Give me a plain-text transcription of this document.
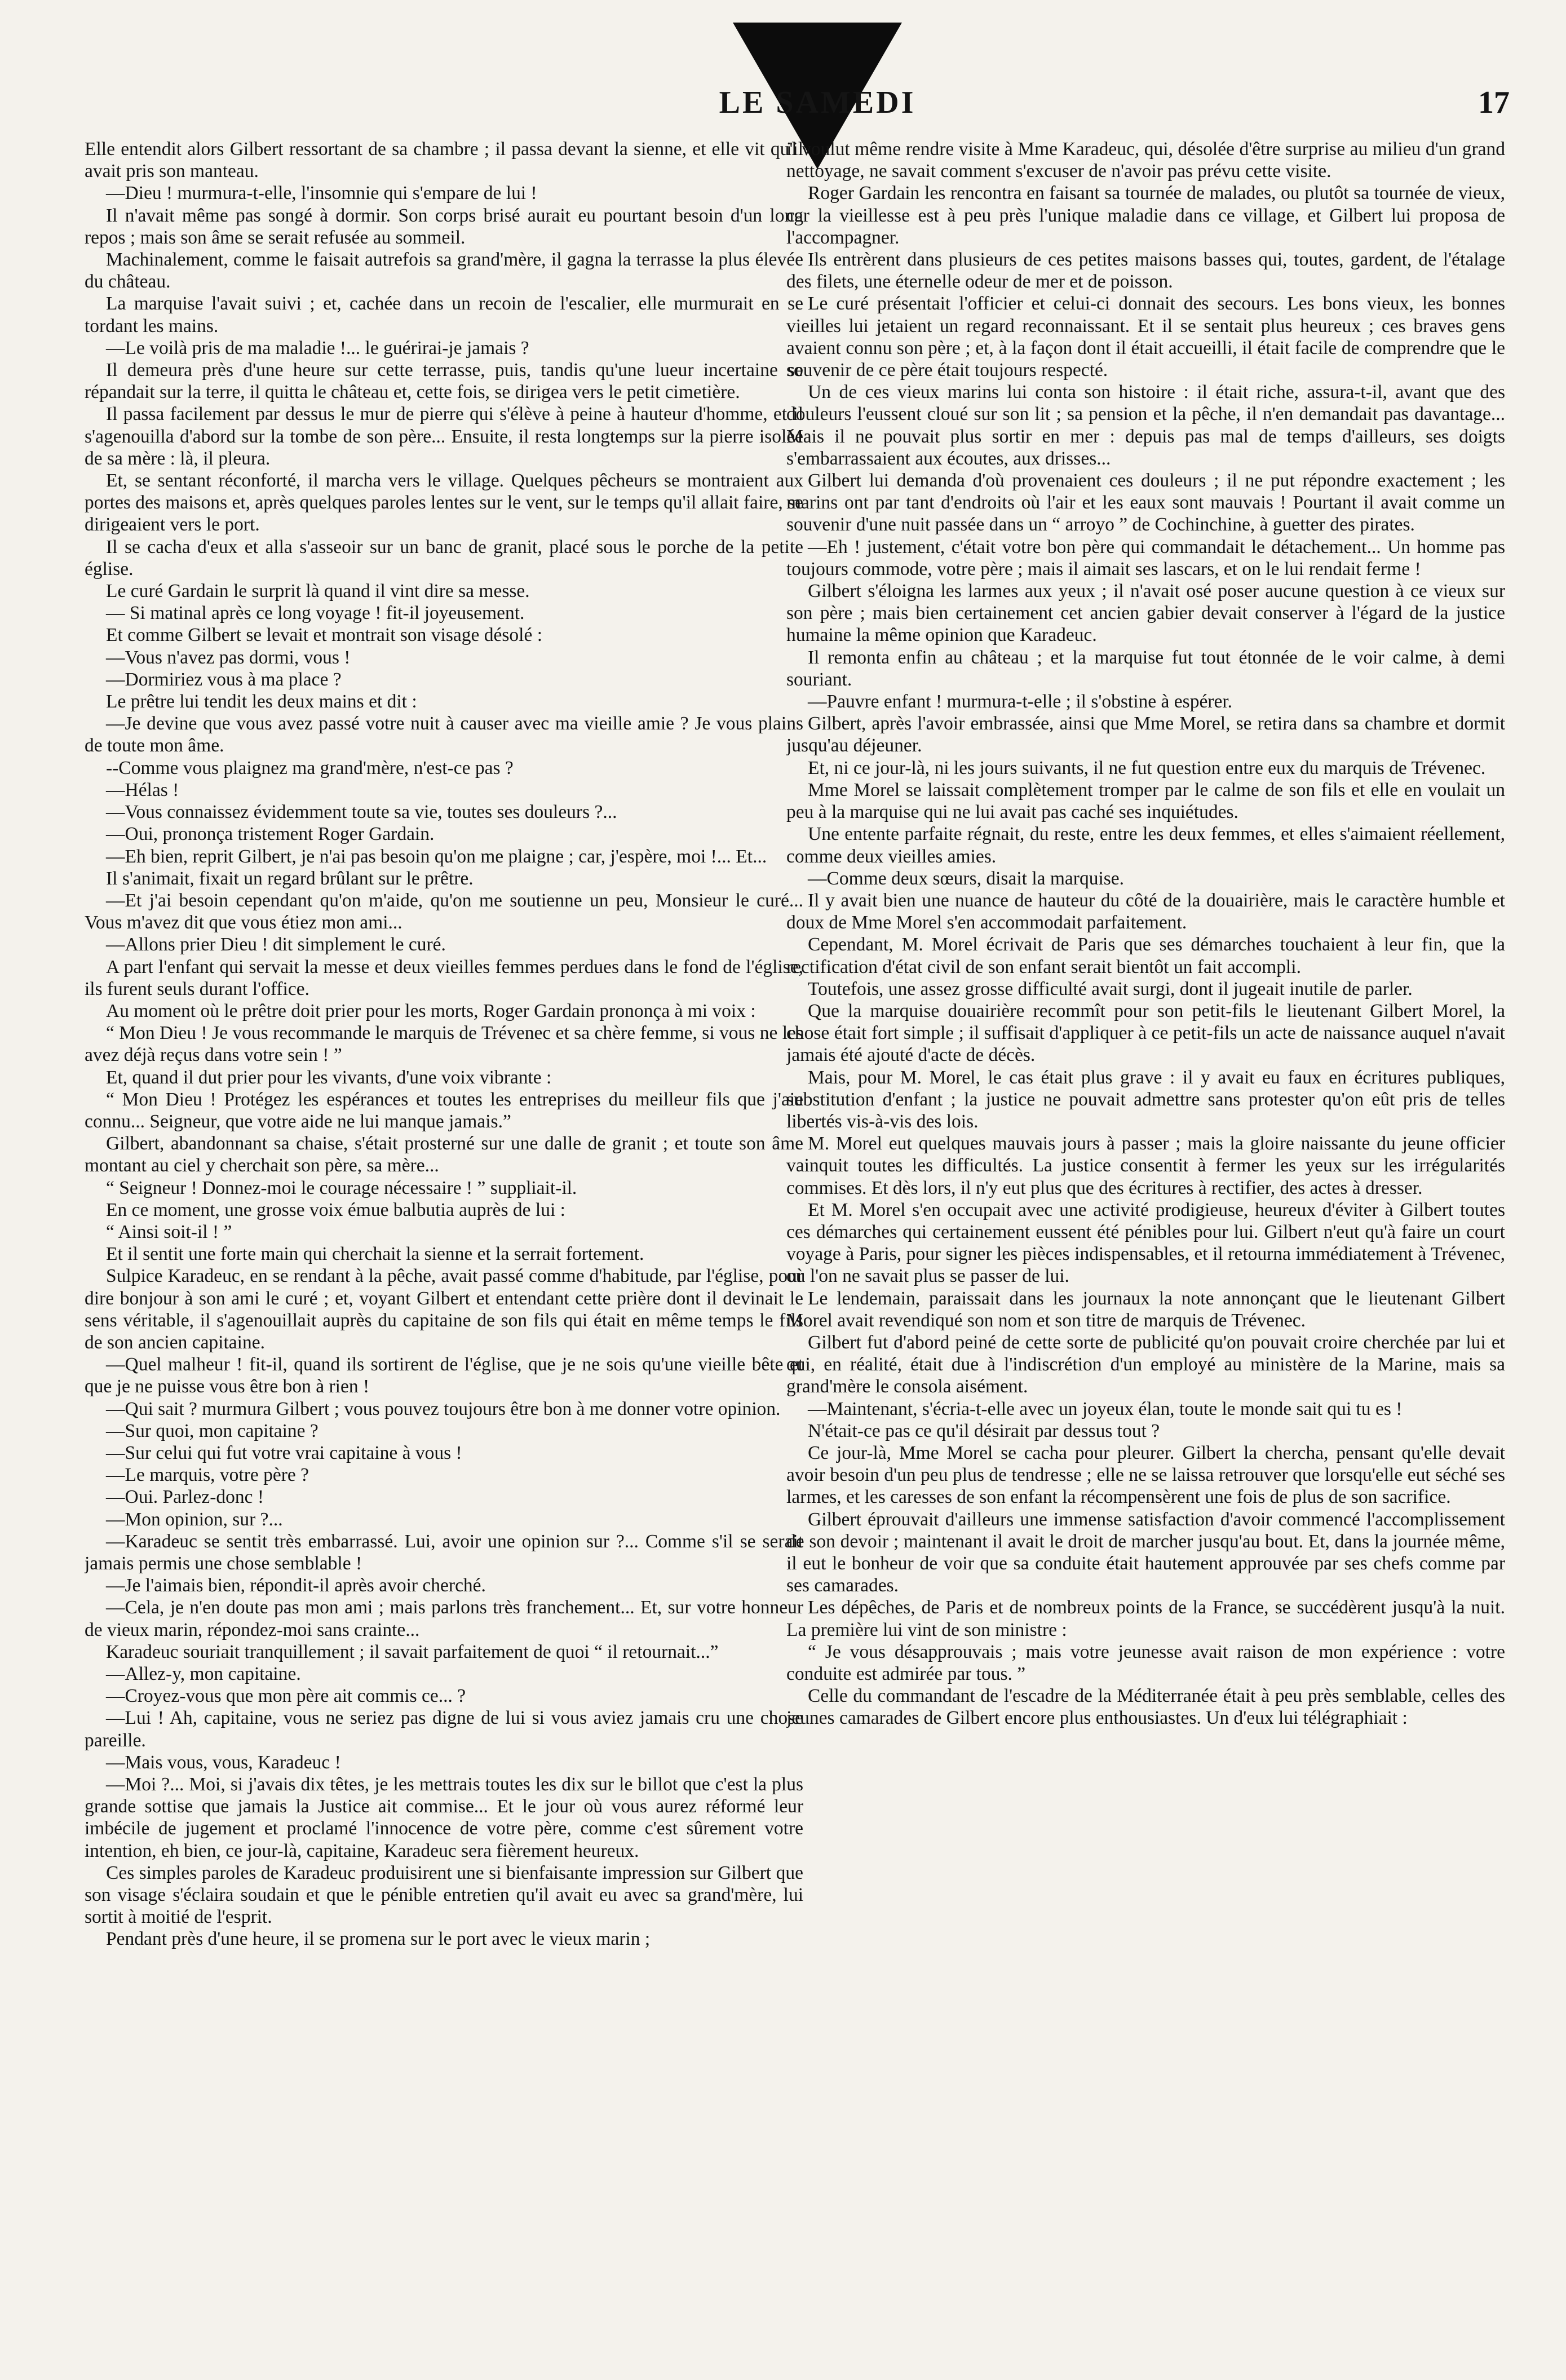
LE SAMEDI	17

Elle entendit alors Gilbert ressortant de sa chambre ; il passa devant la sienne, et elle vit qu'il avait pris son manteau.

—Dieu ! murmura-t-elle, l'insomnie qui s'empare de lui !

Il n'avait même pas songé à dormir. Son corps brisé aurait eu pourtant besoin d'un long repos ; mais son âme se serait refusée au sommeil.

Machinalement, comme le faisait autrefois sa grand'mère, il gagna la terrasse la plus élevée du château.

La marquise l'avait suivi ; et, cachée dans un recoin de l'escalier, elle murmurait en se tordant les mains.

—Le voilà pris de ma maladie !... le guérirai-je jamais ?

Il demeura près d'une heure sur cette terrasse, puis, tandis qu'une lueur incertaine se répandait sur la terre, il quitta le château et, cette fois, se dirigea vers le petit cimetière.

Il passa facilement par dessus le mur de pierre qui s'élève à peine à hauteur d'homme, et il s'agenouilla d'abord sur la tombe de son père... Ensuite, il resta longtemps sur la pierre isolée de sa mère : là, il pleura.

Et, se sentant réconforté, il marcha vers le village. Quelques pêcheurs se montraient aux portes des maisons et, après quelques paroles lentes sur le vent, sur le temps qu'il allait faire, se dirigeaient vers le port.

Il se cacha d'eux et alla s'asseoir sur un banc de granit, placé sous le porche de la petite église.

Le curé Gardain le surprit là quand il vint dire sa messe.

— Si matinal après ce long voyage ! fit-il joyeusement.

Et comme Gilbert se levait et montrait son visage désolé :

—Vous n'avez pas dormi, vous !

—Dormiriez vous à ma place ?

Le prêtre lui tendit les deux mains et dit :

—Je devine que vous avez passé votre nuit à causer avec ma vieille amie ? Je vous plains de toute mon âme.

--Comme vous plaignez ma grand'mère, n'est-ce pas ?

—Hélas !

—Vous connaissez évidemment toute sa vie, toutes ses douleurs ?...

—Oui, prononça tristement Roger Gardain.

—Eh bien, reprit Gilbert, je n'ai pas besoin qu'on me plaigne ; car, j'espère, moi !... Et...

Il s'animait, fixait un regard brûlant sur le prêtre.

—Et j'ai besoin cependant qu'on m'aide, qu'on me soutienne un peu, Monsieur le curé... Vous m'avez dit que vous étiez mon ami...

—Allons prier Dieu ! dit simplement le curé.

A part l'enfant qui servait la messe et deux vieilles femmes perdues dans le fond de l'église, ils furent seuls durant l'office.

Au moment où le prêtre doit prier pour les morts, Roger Gardain prononça à mi voix :

“ Mon Dieu ! Je vous recommande le marquis de Trévenec et sa chère femme, si vous ne les avez déjà reçus dans votre sein ! ”

Et, quand il dut prier pour les vivants, d'une voix vibrante :

“ Mon Dieu ! Protégez les espérances et toutes les entreprises du meilleur fils que j'aie connu... Seigneur, que votre aide ne lui manque jamais.”

Gilbert, abandonnant sa chaise, s'était prosterné sur une dalle de granit ; et toute son âme montant au ciel y cherchait son père, sa mère...

“ Seigneur ! Donnez-moi le courage nécessaire ! ” suppliait-il.

En ce moment, une grosse voix émue balbutia auprès de lui :

“ Ainsi soit-il ! ”

Et il sentit une forte main qui cherchait la sienne et la serrait fortement.

Sulpice Karadeuc, en se rendant à la pêche, avait passé comme d'habitude, par l'église, pour dire bonjour à son ami le curé ; et, voyant Gilbert et entendant cette prière dont il devinait le sens véritable, il s'agenouillait auprès du capitaine de son fils qui était en même temps le fils de son ancien capitaine.

—Quel malheur ! fit-il, quand ils sortirent de l'église, que je ne sois qu'une vieille bête et que je ne puisse vous être bon à rien !

—Qui sait ? murmura Gilbert ; vous pouvez toujours être bon à me donner votre opinion.

—Sur quoi, mon capitaine ?

—Sur celui qui fut votre vrai capitaine à vous !

—Le marquis, votre père ?

—Oui. Parlez-donc !

—Mon opinion, sur ?...

—Karadeuc se sentit très embarrassé. Lui, avoir une opinion sur ?... Comme s'il se serait jamais permis une chose semblable !

—Je l'aimais bien, répondit-il après avoir cherché.

—Cela, je n'en doute pas mon ami ; mais parlons très franchement... Et, sur votre honneur de vieux marin, répondez-moi sans crainte...

Karadeuc souriait tranquillement ; il savait parfaitement de quoi “ il retournait...”

—Allez-y, mon capitaine.

—Croyez-vous que mon père ait commis ce... ?

—Lui ! Ah, capitaine, vous ne seriez pas digne de lui si vous aviez jamais cru une chose pareille.

—Mais vous, vous, Karadeuc !

—Moi ?... Moi, si j'avais dix têtes, je les mettrais toutes les dix sur le billot que c'est la plus grande sottise que jamais la Justice ait commise... Et le jour où vous aurez réformé leur imbécile de jugement et proclamé l'innocence de votre père, comme c'est sûrement votre intention, eh bien, ce jour-là, capitaine, Karadeuc sera fièrement heureux.

Ces simples paroles de Karadeuc produisirent une si bienfaisante impression sur Gilbert que son visage s'éclaira soudain et que le pénible entretien qu'il avait eu avec sa grand'mère, lui sortit à moitié de l'esprit.

Pendant près d'une heure, il se promena sur le port avec le vieux marin ;

il voulut même rendre visite à Mme Karadeuc, qui, désolée d'être surprise au milieu d'un grand nettoyage, ne savait comment s'excuser de n'avoir pas prévu cette visite.

Roger Gardain les rencontra en faisant sa tournée de malades, ou plutôt sa tournée de vieux, car la vieillesse est à peu près l'unique maladie dans ce village, et Gilbert lui proposa de l'accompagner.

Ils entrèrent dans plusieurs de ces petites maisons basses qui, toutes, gardent, de l'étalage des filets, une éternelle odeur de mer et de poisson.

Le curé présentait l'officier et celui-ci donnait des secours. Les bons vieux, les bonnes vieilles lui jetaient un regard reconnaissant. Et il se sentait plus heureux ; ces braves gens avaient connu son père ; et, à la façon dont il était accueilli, il était facile de comprendre que le souvenir de ce père était toujours respecté.

Un de ces vieux marins lui conta son histoire : il était riche, assura-t-il, avant que des douleurs l'eussent cloué sur son lit ; sa pension et la pêche, il n'en demandait pas davantage... Mais il ne pouvait plus sortir en mer : depuis pas mal de temps d'ailleurs, ses doigts s'embarrassaient aux écoutes, aux drisses...

Gilbert lui demanda d'où provenaient ces douleurs ; il ne put répondre exactement ; les marins ont par tant d'endroits où l'air et les eaux sont mauvais ! Pourtant il avait comme un souvenir d'une nuit passée dans un “ arroyo ” de Cochinchine, à guetter des pirates.

—Eh ! justement, c'était votre bon père qui commandait le détachement... Un homme pas toujours commode, votre père ; mais il aimait ses lascars, et on le lui rendait ferme !

Gilbert s'éloigna les larmes aux yeux ; il n'avait osé poser aucune question à ce vieux sur son père ; mais bien certainement cet ancien gabier devait conserver à l'égard de la justice humaine la même opinion que Karadeuc.

Il remonta enfin au château ; et la marquise fut tout étonnée de le voir calme, à demi souriant.

—Pauvre enfant ! murmura-t-elle ; il s'obstine à espérer.

Gilbert, après l'avoir embrassée, ainsi que Mme Morel, se retira dans sa chambre et dormit jusqu'au déjeuner.

Et, ni ce jour-là, ni les jours suivants, il ne fut question entre eux du marquis de Trévenec.

Mme Morel se laissait complètement tromper par le calme de son fils et elle en voulait un peu à la marquise qui ne lui avait pas caché ses inquiétudes.

Une entente parfaite régnait, du reste, entre les deux femmes, et elles s'aimaient réellement, comme deux vieilles amies.

—Comme deux sœurs, disait la marquise.

Il y avait bien une nuance de hauteur du côté de la douairière, mais le caractère humble et doux de Mme Morel s'en accommodait parfaitement.

Cependant, M. Morel écrivait de Paris que ses démarches touchaient à leur fin, que la rectification d'état civil de son enfant serait bientôt un fait accompli.

Toutefois, une assez grosse difficulté avait surgi, dont il jugeait inutile de parler.

Que la marquise douairière recommît pour son petit-fils le lieutenant Gilbert Morel, la chose était fort simple ; il suffisait d'appliquer à ce petit-fils un acte de naissance auquel n'avait jamais été ajouté d'acte de décès.

Mais, pour M. Morel, le cas était plus grave : il y avait eu faux en écritures publiques, substitution d'enfant ; la justice ne pouvait admettre sans protester qu'on eût pris de telles libertés vis-à-vis des lois.

M. Morel eut quelques mauvais jours à passer ; mais la gloire naissante du jeune officier vainquit toutes les difficultés. La justice consentit à fermer les yeux sur les irrégularités commises. Et dès lors, il n'y eut plus que des écritures à rectifier, des actes à dresser.

Et M. Morel s'en occupait avec une activité prodigieuse, heureux d'éviter à Gilbert toutes ces démarches qui certainement eussent été pénibles pour lui. Gilbert n'eut qu'à faire un court voyage à Paris, pour signer les pièces indispensables, et il retourna immédiatement à Trévenec, où l'on ne savait plus se passer de lui.

Le lendemain, paraissait dans les journaux la note annonçant que le lieutenant Gilbert Morel avait revendiqué son nom et son titre de marquis de Trévenec.

Gilbert fut d'abord peiné de cette sorte de publicité qu'on pouvait croire cherchée par lui et qui, en réalité, était due à l'indiscrétion d'un employé au ministère de la Marine, mais sa grand'mère le consola aisément.

—Maintenant, s'écria-t-elle avec un joyeux élan, toute le monde sait qui tu es !

N'était-ce pas ce qu'il désirait par dessus tout ?

Ce jour-là, Mme Morel se cacha pour pleurer. Gilbert la chercha, pensant qu'elle devait avoir besoin d'un peu plus de tendresse ; elle ne se laissa retrouver que lorsqu'elle eut séché ses larmes, et les caresses de son enfant la récompensèrent une fois de plus de son sacrifice.

Gilbert éprouvait d'ailleurs une immense satisfaction d'avoir commencé l'accomplissement de son devoir ; maintenant il avait le droit de marcher jusqu'au bout. Et, dans la journée même, il eut le bonheur de voir que sa conduite était hautement approuvée par ses chefs comme par ses camarades.

Les dépêches, de Paris et de nombreux points de la France, se succédèrent jusqu'à la nuit. La première lui vint de son ministre :

“ Je vous désapprouvais ; mais votre jeunesse avait raison de mon expérience : votre conduite est admirée par tous. ”

Celle du commandant de l'escadre de la Méditerranée était à peu près semblable, celles des jeunes camarades de Gilbert encore plus enthousiastes. Un d'eux lui télégraphiait :
